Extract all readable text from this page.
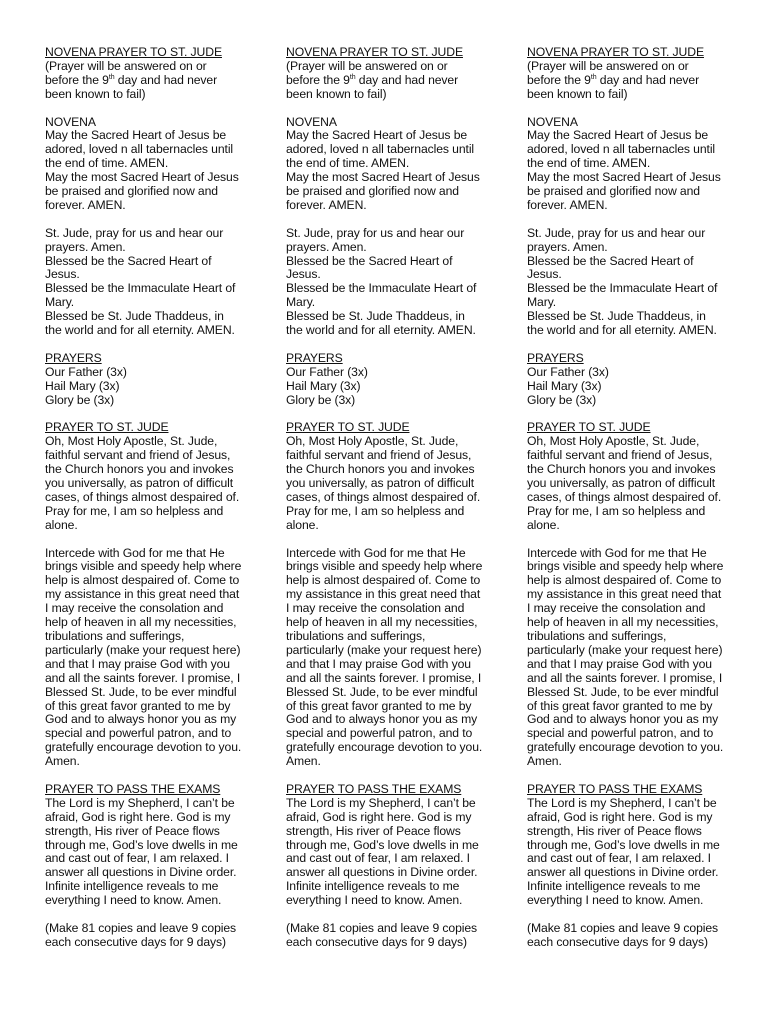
NOVENA PRAYER TO ST. JUDE
(Prayer will be answered on or
before the 9th day and had never
been known to fail)
NOVENA
May the Sacred Heart of Jesus be
adored, loved n all tabernacles until
the end of time. AMEN.
May the most Sacred Heart of Jesus
be praised and glorified now and
forever. AMEN.
St. Jude, pray for us and hear our
prayers. Amen.
Blessed be the Sacred Heart of
Jesus.
Blessed be the Immaculate Heart of
Mary.
Blessed be St. Jude Thaddeus, in
the world and for all eternity. AMEN.
PRAYERS
Our Father (3x)
Hail Mary (3x)
Glory be (3x)
PRAYER TO ST. JUDE
Oh, Most Holy Apostle, St. Jude,
faithful servant and friend of Jesus,
the Church honors you and invokes
you universally, as patron of difficult
cases, of things almost despaired of.
Pray for me, I am so helpless and
alone.
Intercede with God for me that He
brings visible and speedy help where
help is almost despaired of. Come to
my assistance in this great need that
I may receive the consolation and
help of heaven in all my necessities,
tribulations and sufferings,
particularly (make your request here)
and that I may praise God with you
and all the saints forever. I promise, I
Blessed St. Jude, to be ever mindful
of this great favor granted to me by
God and to always honor you as my
special and powerful patron, and to
gratefully encourage devotion to you.
Amen.
PRAYER TO PASS THE EXAMS
The Lord is my Shepherd, I can’t be
afraid, God is right here. God is my
strength, His river of Peace flows
through me, God’s love dwells in me
and cast out of fear, I am relaxed. I
answer all questions in Divine order.
Infinite intelligence reveals to me
everything I need to know. Amen.
(Make 81 copies and leave 9 copies
each consecutive days for 9 days)
NOVENA PRAYER TO ST. JUDE
(Prayer will be answered on or
before the 9th day and had never
been known to fail)
NOVENA
May the Sacred Heart of Jesus be
adored, loved n all tabernacles until
the end of time. AMEN.
May the most Sacred Heart of Jesus
be praised and glorified now and
forever. AMEN.
St. Jude, pray for us and hear our
prayers. Amen.
Blessed be the Sacred Heart of
Jesus.
Blessed be the Immaculate Heart of
Mary.
Blessed be St. Jude Thaddeus, in
the world and for all eternity. AMEN.
PRAYERS
Our Father (3x)
Hail Mary (3x)
Glory be (3x)
PRAYER TO ST. JUDE
Oh, Most Holy Apostle, St. Jude,
faithful servant and friend of Jesus,
the Church honors you and invokes
you universally, as patron of difficult
cases, of things almost despaired of.
Pray for me, I am so helpless and
alone.
Intercede with God for me that He
brings visible and speedy help where
help is almost despaired of. Come to
my assistance in this great need that
I may receive the consolation and
help of heaven in all my necessities,
tribulations and sufferings,
particularly (make your request here)
and that I may praise God with you
and all the saints forever. I promise, I
Blessed St. Jude, to be ever mindful
of this great favor granted to me by
God and to always honor you as my
special and powerful patron, and to
gratefully encourage devotion to you.
Amen.
PRAYER TO PASS THE EXAMS
The Lord is my Shepherd, I can’t be
afraid, God is right here. God is my
strength, His river of Peace flows
through me, God’s love dwells in me
and cast out of fear, I am relaxed. I
answer all questions in Divine order.
Infinite intelligence reveals to me
everything I need to know. Amen.
(Make 81 copies and leave 9 copies
each consecutive days for 9 days)
NOVENA PRAYER TO ST. JUDE
(Prayer will be answered on or
before the 9th day and had never
been known to fail)
NOVENA
May the Sacred Heart of Jesus be
adored, loved n all tabernacles until
the end of time. AMEN.
May the most Sacred Heart of Jesus
be praised and glorified now and
forever. AMEN.
St. Jude, pray for us and hear our
prayers. Amen.
Blessed be the Sacred Heart of
Jesus.
Blessed be the Immaculate Heart of
Mary.
Blessed be St. Jude Thaddeus, in
the world and for all eternity. AMEN.
PRAYERS
Our Father (3x)
Hail Mary (3x)
Glory be (3x)
PRAYER TO ST. JUDE
Oh, Most Holy Apostle, St. Jude,
faithful servant and friend of Jesus,
the Church honors you and invokes
you universally, as patron of difficult
cases, of things almost despaired of.
Pray for me, I am so helpless and
alone.
Intercede with God for me that He
brings visible and speedy help where
help is almost despaired of. Come to
my assistance in this great need that
I may receive the consolation and
help of heaven in all my necessities,
tribulations and sufferings,
particularly (make your request here)
and that I may praise God with you
and all the saints forever. I promise, I
Blessed St. Jude, to be ever mindful
of this great favor granted to me by
God and to always honor you as my
special and powerful patron, and to
gratefully encourage devotion to you.
Amen.
PRAYER TO PASS THE EXAMS
The Lord is my Shepherd, I can’t be
afraid, God is right here. God is my
strength, His river of Peace flows
through me, God’s love dwells in me
and cast out of fear, I am relaxed. I
answer all questions in Divine order.
Infinite intelligence reveals to me
everything I need to know. Amen.
(Make 81 copies and leave 9 copies
each consecutive days for 9 days)
